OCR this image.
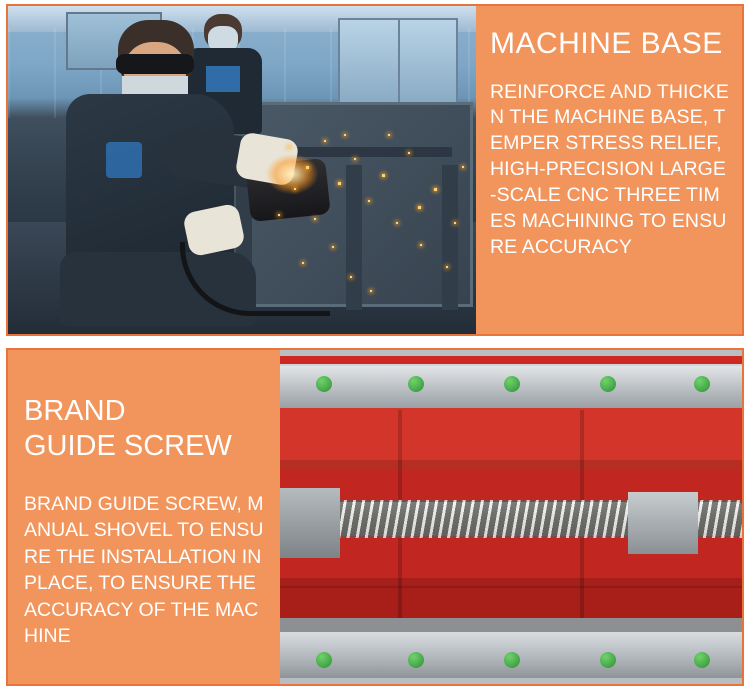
MACHINE BASE
REINFORCE AND THICKEN THE MACHINE BASE, TEMPER STRESS RELIEF, HIGH-PRECISION LARGE-SCALE CNC THREE TIMES MACHINING TO ENSURE ACCURACY
BRAND
GUIDE SCREW
BRAND GUIDE SCREW, MANUAL SHOVEL TO ENSURE THE INSTALLATION IN PLACE, TO ENSURE THE ACCURACY OF THE MACHINE
